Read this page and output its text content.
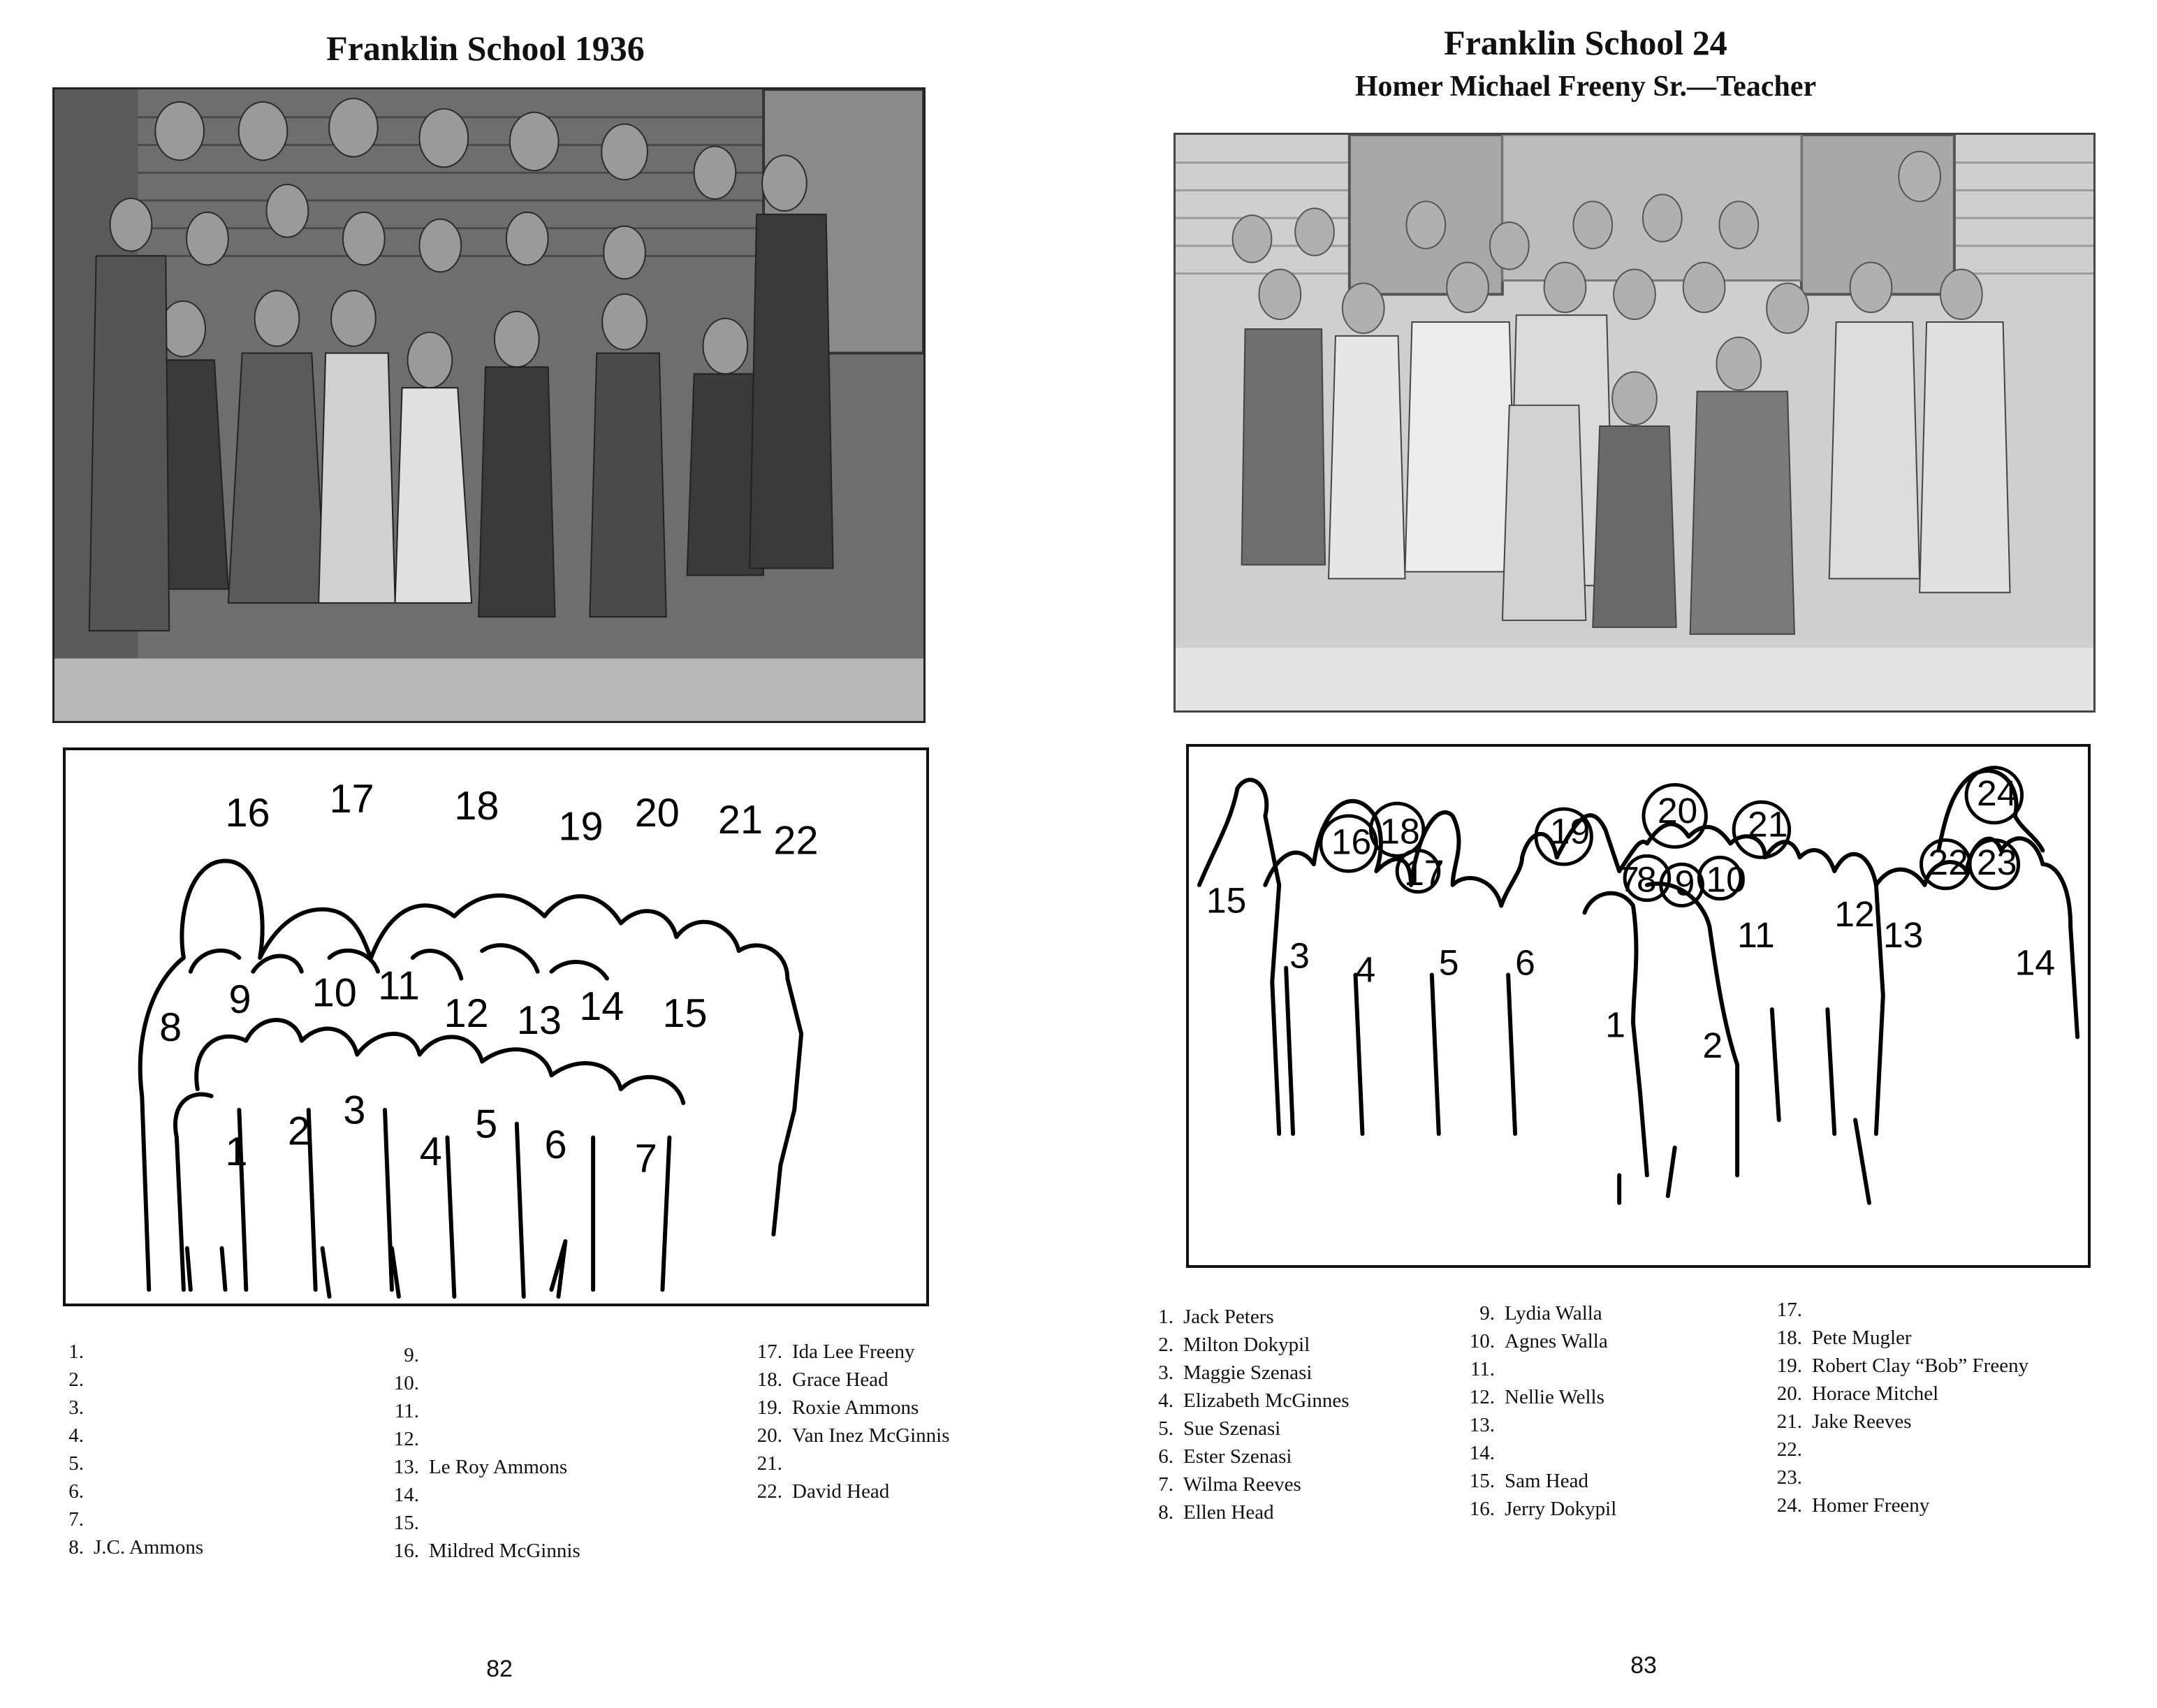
Franklin School 1936
16 17 18 19 20 21 22
8
9 10 11
12 13 14 15
1 2 3
4
5 6 7
1.
2.
3.
4.
5.
6.
7.
8. J.C. Ammons
9.
10.
11.
12.
13. Le Roy Ammons
14.
15.
16. Mildred McGinnis
17. Ida Lee Freeny
18. Grace Head
19. Roxie Ammons
20. Van Inez McGinnis
21.
22. David Head
82
Franklin School 24
Homer Michael Freeny Sr.—Teacher
15
3
16
4
17
18
5 6
19
7
8 9
20
10
21
11
12
13
22 23
24
1
2
14
1. Jack Peters
2. Milton Dokypil
3. Maggie Szenasi
4. Elizabeth McGinnes
5. Sue Szenasi
6. Ester Szenasi
7. Wilma Reeves
8. Ellen Head
9. Lydia Walla
10. Agnes Walla
11.
12. Nellie Wells
13.
14.
15. Sam Head
16. Jerry Dokypil
17.
18. Pete Mugler
19. Robert Clay “Bob” Freeny
20. Horace Mitchel
21. Jake Reeves
22.
23.
24. Homer Freeny
83
